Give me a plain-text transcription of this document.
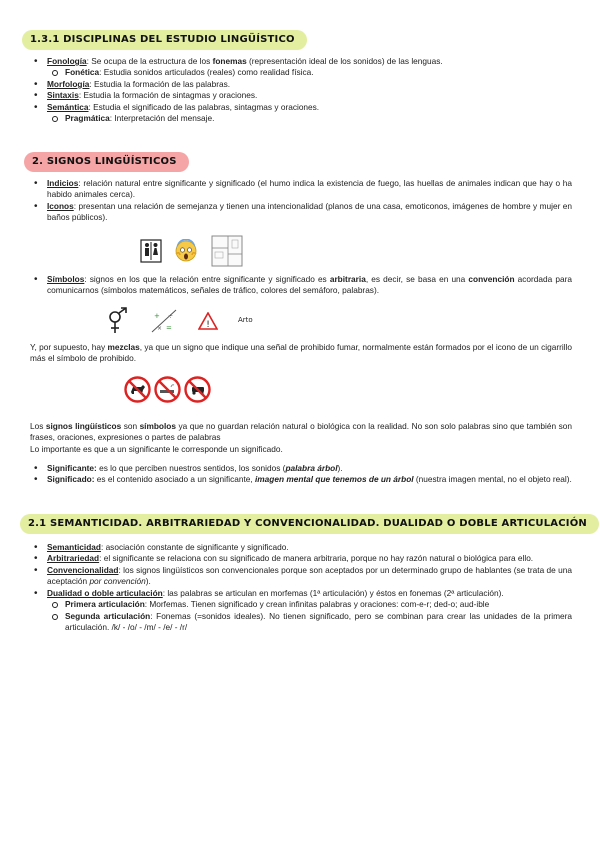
1.3.1 DISCIPLINAS DEL ESTUDIO LINGÜÍSTICO
• Fonología: Se ocupa de la estructura de los fonemas (representación ideal de los sonidos) de las lenguas.
Fonética: Estudia sonidos articulados (reales) como realidad física.
• Morfología: Estudia la formación de las palabras.
• Sintaxis: Estudia la formación de sintagmas y oraciones.
• Semántica: Estudia el significado de las palabras, sintagmas y oraciones.
Pragmática: Interpretación del mensaje.
2. SIGNOS LINGÜÍSTICOS
• Indicios: relación natural entre significante y significado (el humo indica la existencia de fuego, las huellas de animales indican que hay o ha habido animales cerca).
• Iconos: presentan una relación de semejanza y tienen una intencionalidad (planos de una casa, emoticonos, imágenes de hombre y mujer en baños públicos).
• Símbolos: signos en los que la relación entre significante y significado es arbitraria, es decir, se basa en una convención acordada para comunicarnos (símbolos matemáticos, señales de tráfico, colores del semáforo, palabras).
+
=
÷
×	!	Arto
Y, por supuesto, hay mezclas, ya que un signo que indique una señal de prohibido fumar, normalmente están formados por el icono de un cigarrillo más el símbolo de prohibido.
Los signos lingüísticos son símbolos ya que no guardan relación natural o biológica con la realidad. No son solo palabras sino que también son frases, oraciones, expresiones o partes de palabras
Lo importante es que a un significante le corresponde un significado.
• Significante: es lo que perciben nuestros sentidos, los sonidos (palabra árbol).
• Significado: es el contenido asociado a un significante, imagen mental que tenemos de un árbol (nuestra imagen mental, no el objeto real).
2.1 SEMANTICIDAD. ARBITRARIEDAD Y CONVENCIONALIDAD. DUALIDAD O DOBLE ARTICULACIÓN
• Semanticidad: asociación constante de significante y significado.
• Arbitrariedad: el significante se relaciona con su significado de manera arbitraria, porque no hay razón natural o biológica para ello.
• Convencionalidad: los signos lingüísticos son convencionales porque son aceptados por un determinado grupo de hablantes (se trata de una aceptación por convención).
• Dualidad o doble articulación: las palabras se articulan en morfemas (1ª articulación) y éstos en fonemas (2ª articulación).
Primera articulación: Morfemas. Tienen significado y crean infinitas palabras y oraciones: com-e-r; ded-o; aud-ible
Segunda articulación: Fonemas (=sonidos ideales). No tienen significado, pero se combinan para crear las unidades de la primera articulación. /k/ - /o/ - /m/ - /e/ - /r/
